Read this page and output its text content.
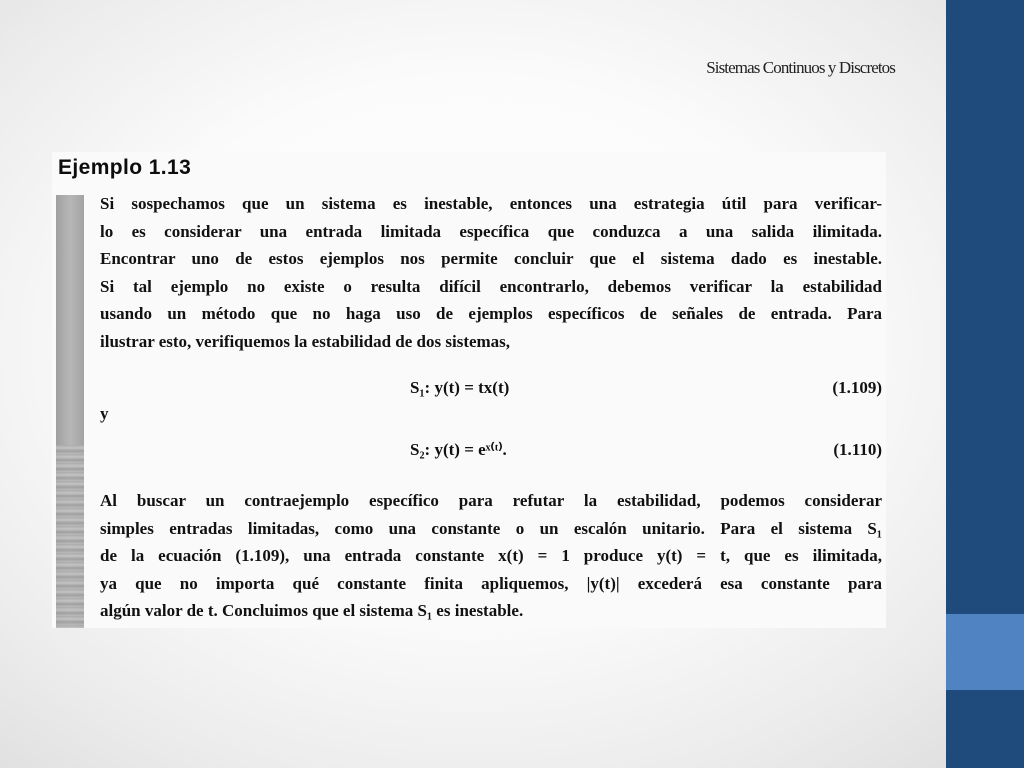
Sistemas Continuos y Discretos
Ejemplo 1.13
Si sospechamos que un sistema es inestable, entonces una estrategia útil para verificar-
lo es considerar una entrada limitada específica que conduzca a una salida ilimitada.
Encontrar uno de estos ejemplos nos permite concluir que el sistema dado es inestable.
Si tal ejemplo no existe o resulta difícil encontrarlo, debemos verificar la estabilidad
usando un método que no haga uso de ejemplos específicos de señales de entrada. Para
ilustrar esto, verifiquemos la estabilidad de dos sistemas,
S₁: y(t) = tx(t)	(1.109)
y
S₂: y(t) = eˣ⁽ᵗ⁾.	(1.110)
Al buscar un contraejemplo específico para refutar la estabilidad, podemos considerar
simples entradas limitadas, como una constante o un escalón unitario. Para el sistema S₁
de la ecuación (1.109), una entrada constante x(t) = 1 produce y(t) = t, que es ilimitada,
ya que no importa qué constante finita apliquemos, |y(t)| excederá esa constante para
algún valor de t. Concluimos que el sistema S₁ es inestable.
